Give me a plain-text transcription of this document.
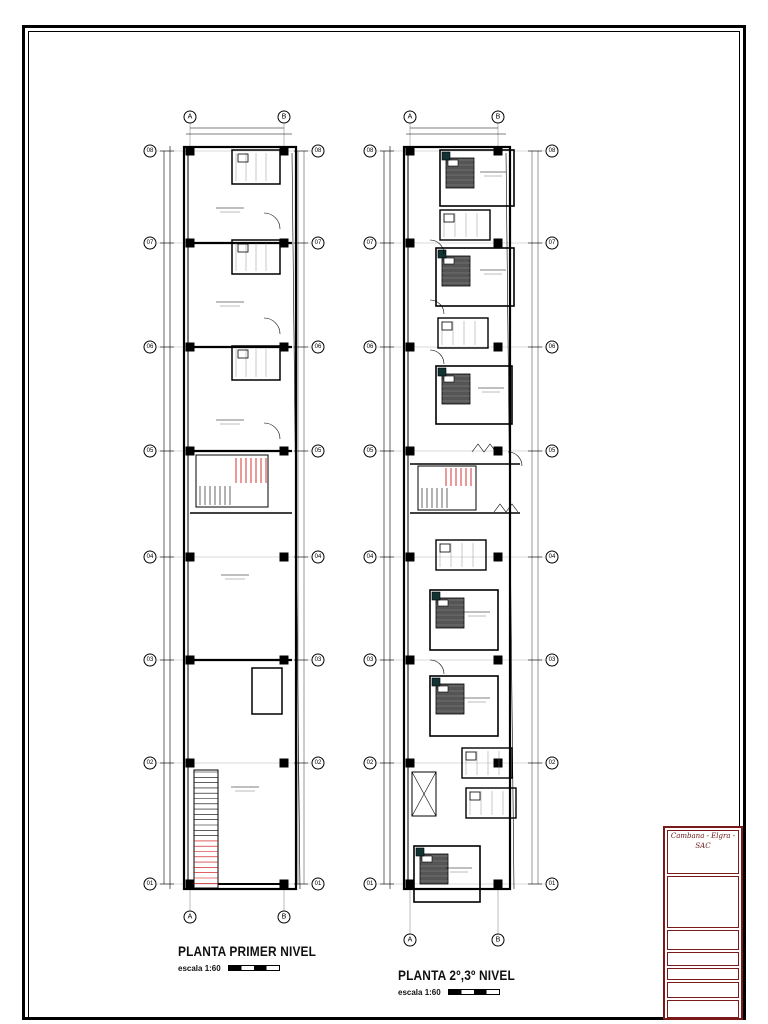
A
A
B
B
01	01
02	02
03	03
04	04
05	05
06	06
07	07
08	08
A
A
B
B
01	01
02	02
03	03
04	04
05	05
06	06
07	07
08	08
PLANTA PRIMER NIVEL
escala 1:60	PLANTA 2º,3º NIVEL
escala 1:60
Cambana - Elgra - SAC
